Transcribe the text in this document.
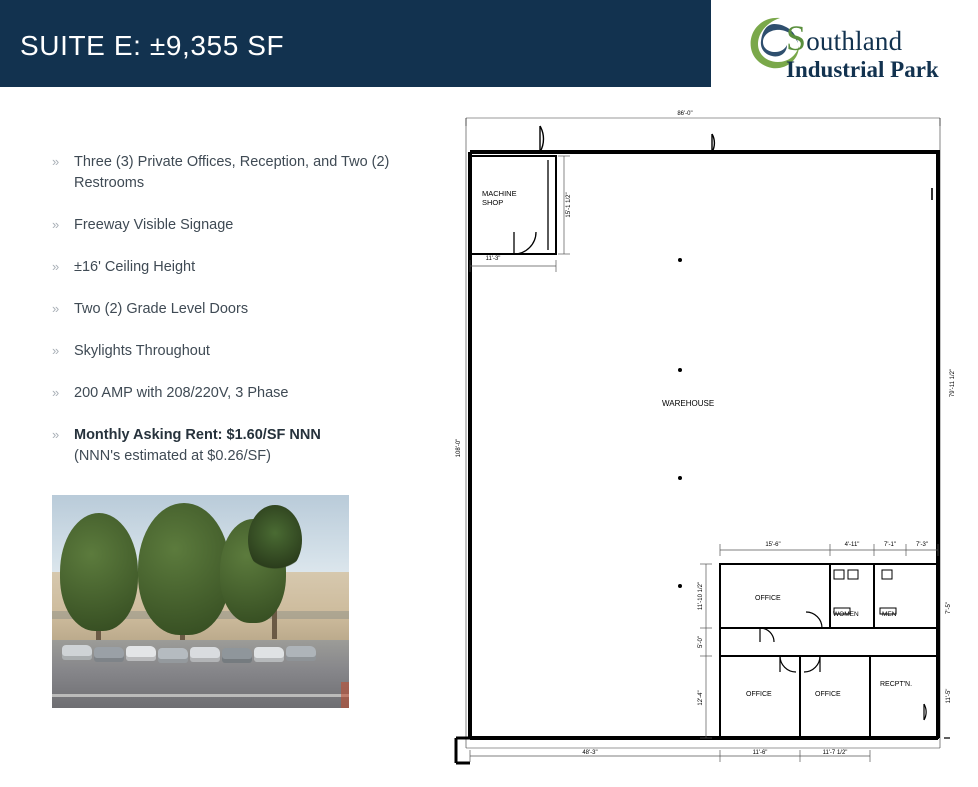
SUITE E: ±9,355 SF	Southland
Industrial Park
»	Three (3) Private Offices, Reception, and Two (2) Restrooms
»	Freeway Visible Signage
»	±16' Ceiling Height
»	Two (2) Grade Level Doors
»	Skylights Throughout
»	200 AMP with 208/220V, 3 Phase
»	Monthly Asking Rent: $1.60/SF NNN
(NNN's estimated at $0.26/SF)
MACHINE
SHOP
WAREHOUSE
OFFICE
OFFICE	OFFICE
WOMEN	MEN
RECPT'N.
86'-0"
11'-3"
15'-6"	4'-11"	7'-1"	7'-3"
48'-3"	11'-6"	11'-7 1/2"
108'-0"
79'-11 1/2"
11'-10 1/2"
5'-0"
12'-4"
7'-5"
11'-5"
15'-1 1/2"
